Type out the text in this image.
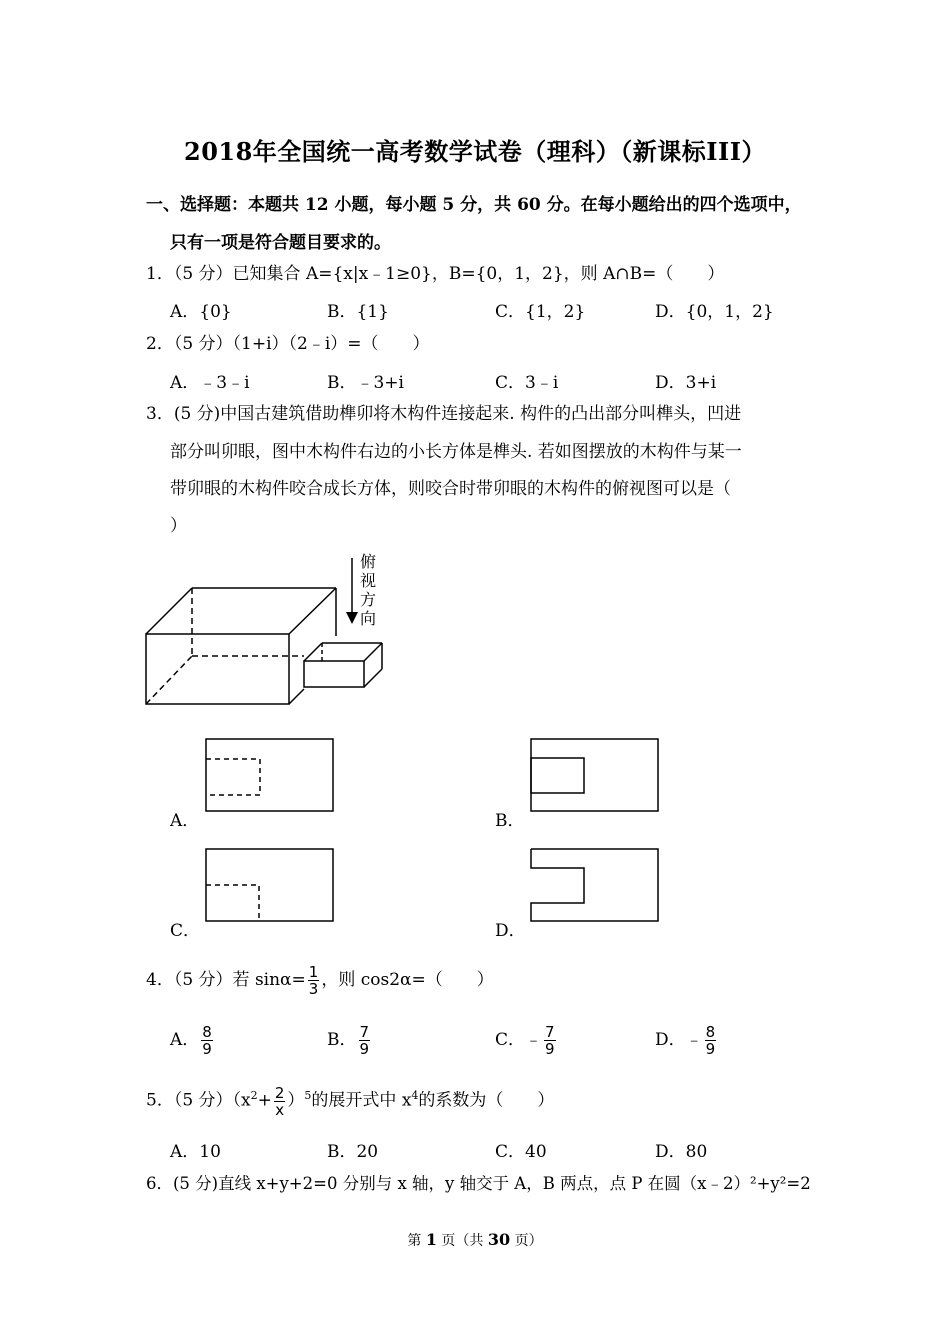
2018年全国统一高考数学试卷（理科）（新课标III）
一、选择题：本题共 12 小题，每小题 5 分，共 60 分。在每小题给出的四个选项中，
只有一项是符合题目要求的。
1．（5 分）已知集合 A={x|x﹣1≥0}，B={0，1，2}，则 A∩B=（　　）
A．{0}	B．{1}	C．{1，2}	D．{0，1，2}
2．（5 分）（1+i）（2﹣i）=（　　）
A．﹣3﹣i	B．﹣3+i	C．3﹣i	D．3+i
3．(5 分)中国古建筑借助榫卯将木构件连接起来. 构件的凸出部分叫榫头，凹进
部分叫卯眼，图中木构件右边的小长方体是榫头. 若如图摆放的木构件与某一
带卯眼的木构件咬合成长方体，则咬合时带卯眼的木构件的俯视图可以是（
）
俯
视
方
向
A．	B．
C．	D．
4．（5 分）若 $\sin\alpha= \frac{1}{3}$ ，则 cos2α=（　　）
A． $\frac{8}{9}$	B． $\frac{7}{9}$	C．﹣ $\frac{7}{9}$	D．﹣ $\frac{8}{9}$
5．（5 分）$(x^2+ \frac{2}{x} )^5$的展开式中 $x^4$的系数为（　　）
A．10	B．20	C．40	D．80
6．(5 分)直线 x+y+2=0 分别与 x 轴，y 轴交于 A，B 两点，点 P 在圆（x﹣2）²+y²=2
第 1 页（共 30 页）
